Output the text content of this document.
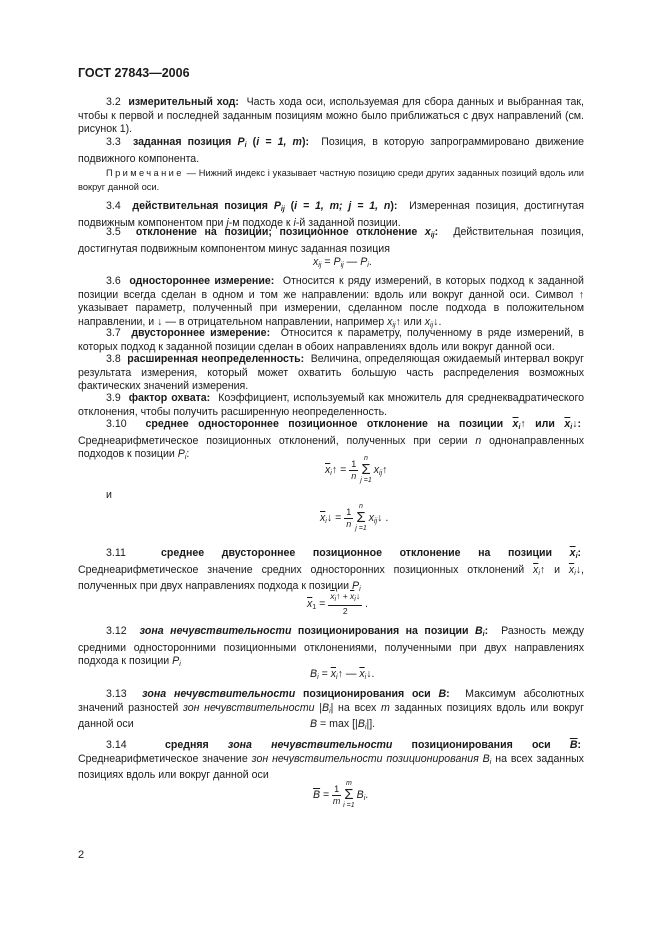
ГОСТ 27843—2006

3.2 измерительный ход: Часть хода оси, используемая для сбора данных и выбранная так, чтобы к первой и последней заданным позициям можно было приближаться с двух направлений (см. рисунок 1).

3.3 заданная позиция $P_i$ (i = 1, m): Позиция, в которую запрограммировано движение подвижного компонента.

Примечание — Нижний индекс i указывает частную позицию среди других заданных позиций вдоль или вокруг данной оси.

3.4 действительная позиция $P_{ij}$ (i = 1, m; j = 1, n): Измеренная позиция, достигнутая подвижным компонентом при j-м подходе к i-й заданной позиции.

3.5 отклонение на позиции; позиционное отклонение $x_{ij}$: Действительная позиция, достигнутая подвижным компонентом минус заданная позиция

$x_{ij} = P_{ij}$ — $P_i$.

3.6 одностороннее измерение: Относится к ряду измерений, в которых подход к заданной позиции всегда сделан в одном и том же направлении: вдоль или вокруг данной оси. Символ ↑ указывает параметр, полученный при измерении, сделанном после подхода в положительном направлении, и ↓ — в отрицательном направлении, например $x_{ij}↑$ или $x_{ij}↓$.

3.7 двустороннее измерение: Относится к параметру, полученному в ряде измерений, в которых подход к заданной позиции сделан в обоих направлениях вдоль или вокруг данной оси.

3.8 расширенная неопределенность: Величина, определяющая ожидаемый интервал вокруг результата измерения, который может охватить большую часть распределения возможных фактических значений измерения.

3.9 фактор охвата: Коэффициент, используемый как множитель для среднеквадратического отклонения, чтобы получить расширенную неопределенность.

3.10 среднее одностороннее позиционное отклонение на позиции $\overline{x}_i↑$ или $\overline{x}_i↓$:  Среднеарифметическое позиционных отклонений, полученных при серии n однонаправленных подходов к позиции $P_i$:

$\overline{x}_i↑ = \frac{1}{n}$ n
Σ
j =1
$x_{ij}↑$
и
$\overline{x}_i↓ = \frac{1}{n}$ n
Σ
j =1
$x_{ij}↓$ .

3.11	среднее двустороннее позиционное отклонение на позиции $\overline{x}_i$:  Среднеарифметическое значение средних односторонних позиционных отклонений $\overline{x}_i↑$ и $\overline{x}_i↓$, полученных при двух направлениях подхода к позиции $P_i$

$\overline{x}_1 = \frac{\overline{x}_i↑ + \overline{x}_i↓}{2}$ .

3.12 зона нечувствительности позиционирования на позиции $B_i$: Разность между средними односторонними позиционными отклонениями, полученными при двух направлениях подхода к позиции $P_i$

$B_i$ = $\overline{x}_i↑$ — $\overline{x}_i↓$.

3.13 зона нечувствительности позиционирования оси B: Максимум абсолютных значений разностей зон нечувствительности $|B_i|$ на всех m заданных позициях вдоль или вокруг данной оси	$B = \max [|B_i|]$.

3.14	средняя зона нечувствительности позиционирования оси $\overline{B}$:  Среднеарифметическое значение зон нечувствительности позиционирования $B_i$ на всех заданных позициях вдоль или вокруг данной оси

$\overline{B} = \frac{1}{m}$ m
Σ
i =1
$B_i$.
2
